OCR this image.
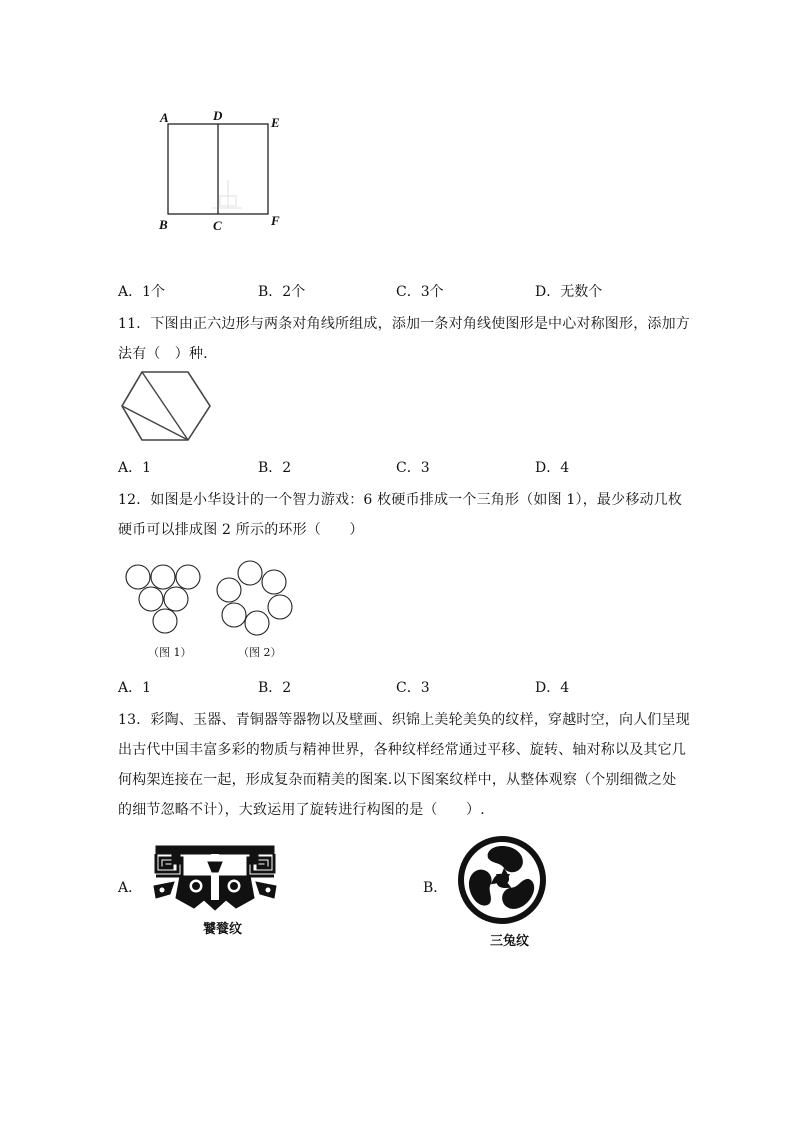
A	D	E
B	C	F
A．1个	B．2个	C．3个	D．无数个
11．下图由正六边形与两条对角线所组成，添加一条对角线使图形是中心对称图形，添加方
法有（　）种．
A．1	B．2	C．3	D．4
12．如图是小华设计的一个智力游戏：6 枚硬币排成一个三角形（如图 1），最少移动几枚
硬币可以排成图 2 所示的环形（　　）
（图 1）	（图 2）
A．1	B．2	C．3	D．4
13．彩陶、玉器、青铜器等器物以及壁画、织锦上美轮美奂的纹样，穿越时空，向人们呈现
出古代中国丰富多彩的物质与精神世界，各种纹样经常通过平移、旋转、轴对称以及其它几
何构架连接在一起，形成复杂而精美的图案.以下图案纹样中，从整体观察（个别细微之处
的细节忽略不计），大致运用了旋转进行构图的是（　　）.
A．
饕餮纹
B．
三兔纹
